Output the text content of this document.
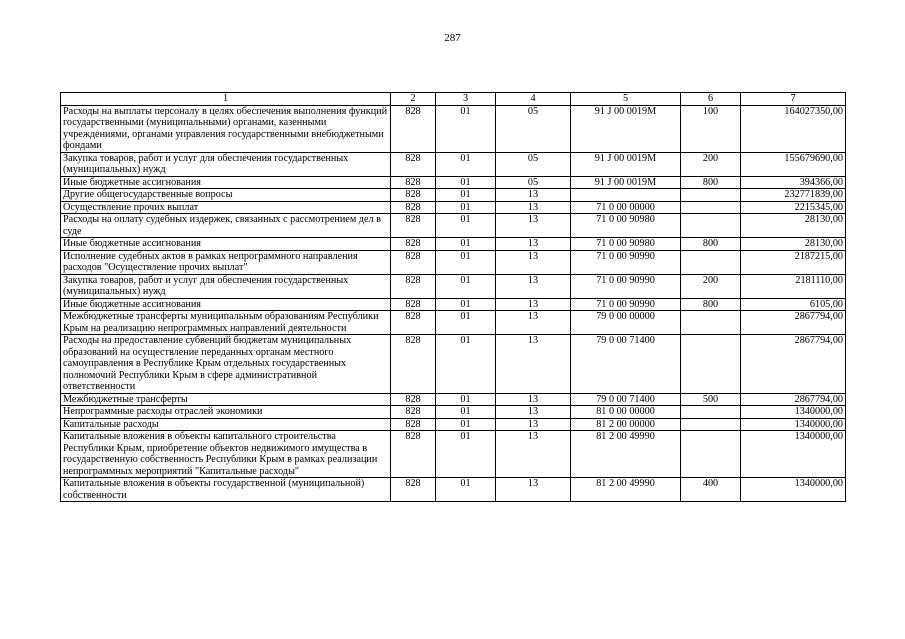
287
1	2	3	4	5	6	7
Расходы на выплаты персоналу в целях обеспечения выполнения функций государственными (муниципальными) органами, казенными учреждениями, органами управления государственными внебюджетными фондами	828	01	05	91 J 00 0019M	100	164027350,00
Закупка товаров, работ и услуг для обеспечения государственных (муниципальных) нужд	828	01	05	91 J 00 0019M	200	155679690,00
Иные бюджетные ассигнования	828	01	05	91 J 00 0019M	800	394366,00
Другие общегосударственные вопросы	828	01	13			232771839,00
Осуществление прочих выплат	828	01	13	71 0 00 00000		2215345,00
Расходы на оплату судебных издержек, связанных с рассмотрением дел в суде	828	01	13	71 0 00 90980		28130,00
Иные бюджетные ассигнования	828	01	13	71 0 00 90980	800	28130,00
Исполнение судебных актов в рамках непрограммного направления расходов "Осуществление прочих выплат"	828	01	13	71 0 00 90990		2187215,00
Закупка товаров, работ и услуг для обеспечения государственных (муниципальных) нужд	828	01	13	71 0 00 90990	200	2181110,00
Иные бюджетные ассигнования	828	01	13	71 0 00 90990	800	6105,00
Межбюджетные трансферты муниципальным образованиям Республики Крым на реализацию непрограммных направлений деятельности	828	01	13	79 0 00 00000		2867794,00
Расходы на предоставление субвенций бюджетам муниципальных образований на осуществление переданных органам местного самоуправления в Республике Крым отдельных государственных полномочий Республики Крым в сфере административной ответственности	828	01	13	79 0 00 71400		2867794,00
Межбюджетные трансферты	828	01	13	79 0 00 71400	500	2867794,00
Непрограммные расходы отраслей экономики	828	01	13	81 0 00 00000		1340000,00
Капитальные расходы	828	01	13	81 2 00 00000		1340000,00
Капитальные вложения в объекты капитального строительства Республики Крым, приобретение объектов недвижимого имущества в государственную собственность Республики Крым в рамках реализации непрограммных мероприятий "Капитальные расходы"	828	01	13	81 2 00 49990		1340000,00
Капитальные вложения в объекты государственной (муниципальной) собственности	828	01	13	81 2 00 49990	400	1340000,00
